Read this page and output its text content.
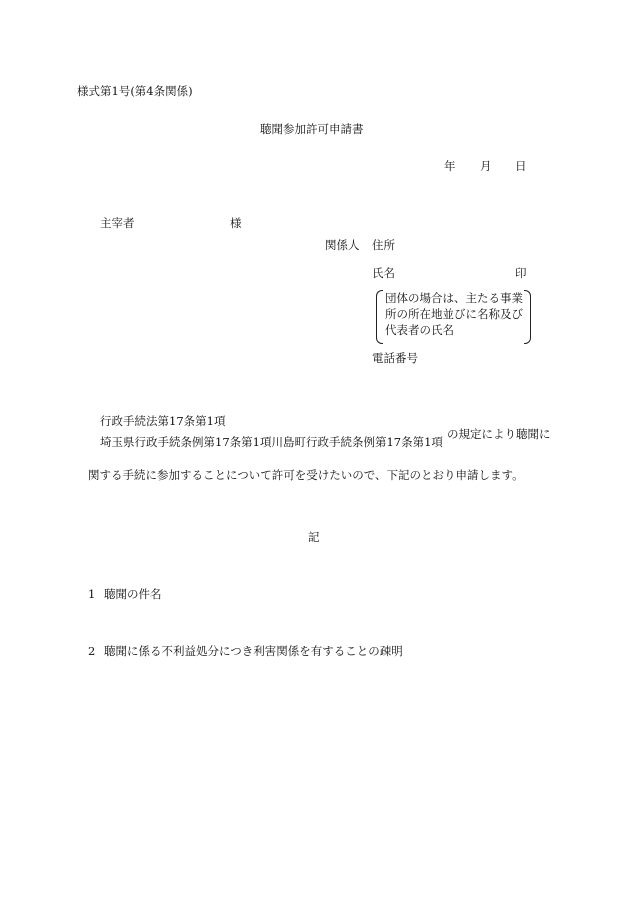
様式第1号(第4条関係)
聴聞参加許可申請書
年 月 日
主宰者	様
関係人 住所
氏名	印
団体の場合は、主たる事業
所の所在地並びに名称及び
代表者の氏名
電話番号
行政手続法第17条第1項
埼玉県行政手続条例第17条第1項川島町行政手続条例第17条第1項
の規定により聴聞に
関する手続に参加することについて許可を受けたいので、下記のとおり申請します。
記
1 聴聞の件名
2 聴聞に係る不利益処分につき利害関係を有することの疎明
